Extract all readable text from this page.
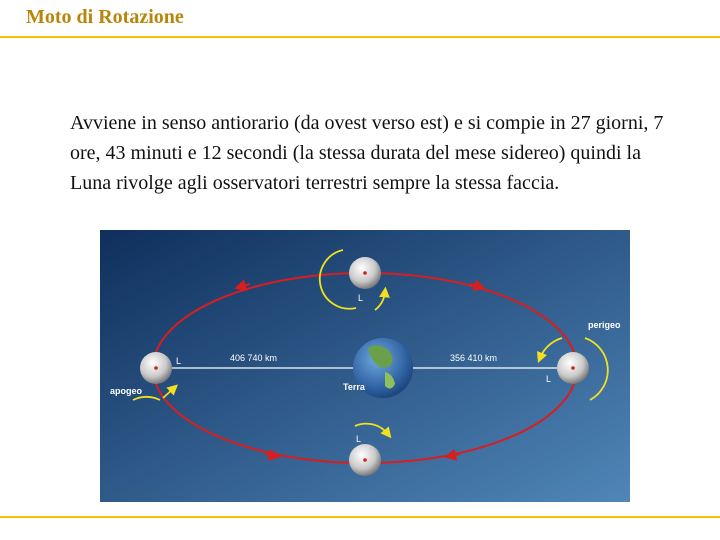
Moto di Rotazione
Avviene in senso antiorario (da ovest verso est) e si compie in 27 giorni, 7 ore, 43 minuti e 12 secondi (la stessa durata del mese sidereo) quindi la Luna rivolge agli osservatori terrestri sempre la stessa faccia.
Terra
L
L
L
apogeo
406 740 km	356 410 km
L
perigeo
